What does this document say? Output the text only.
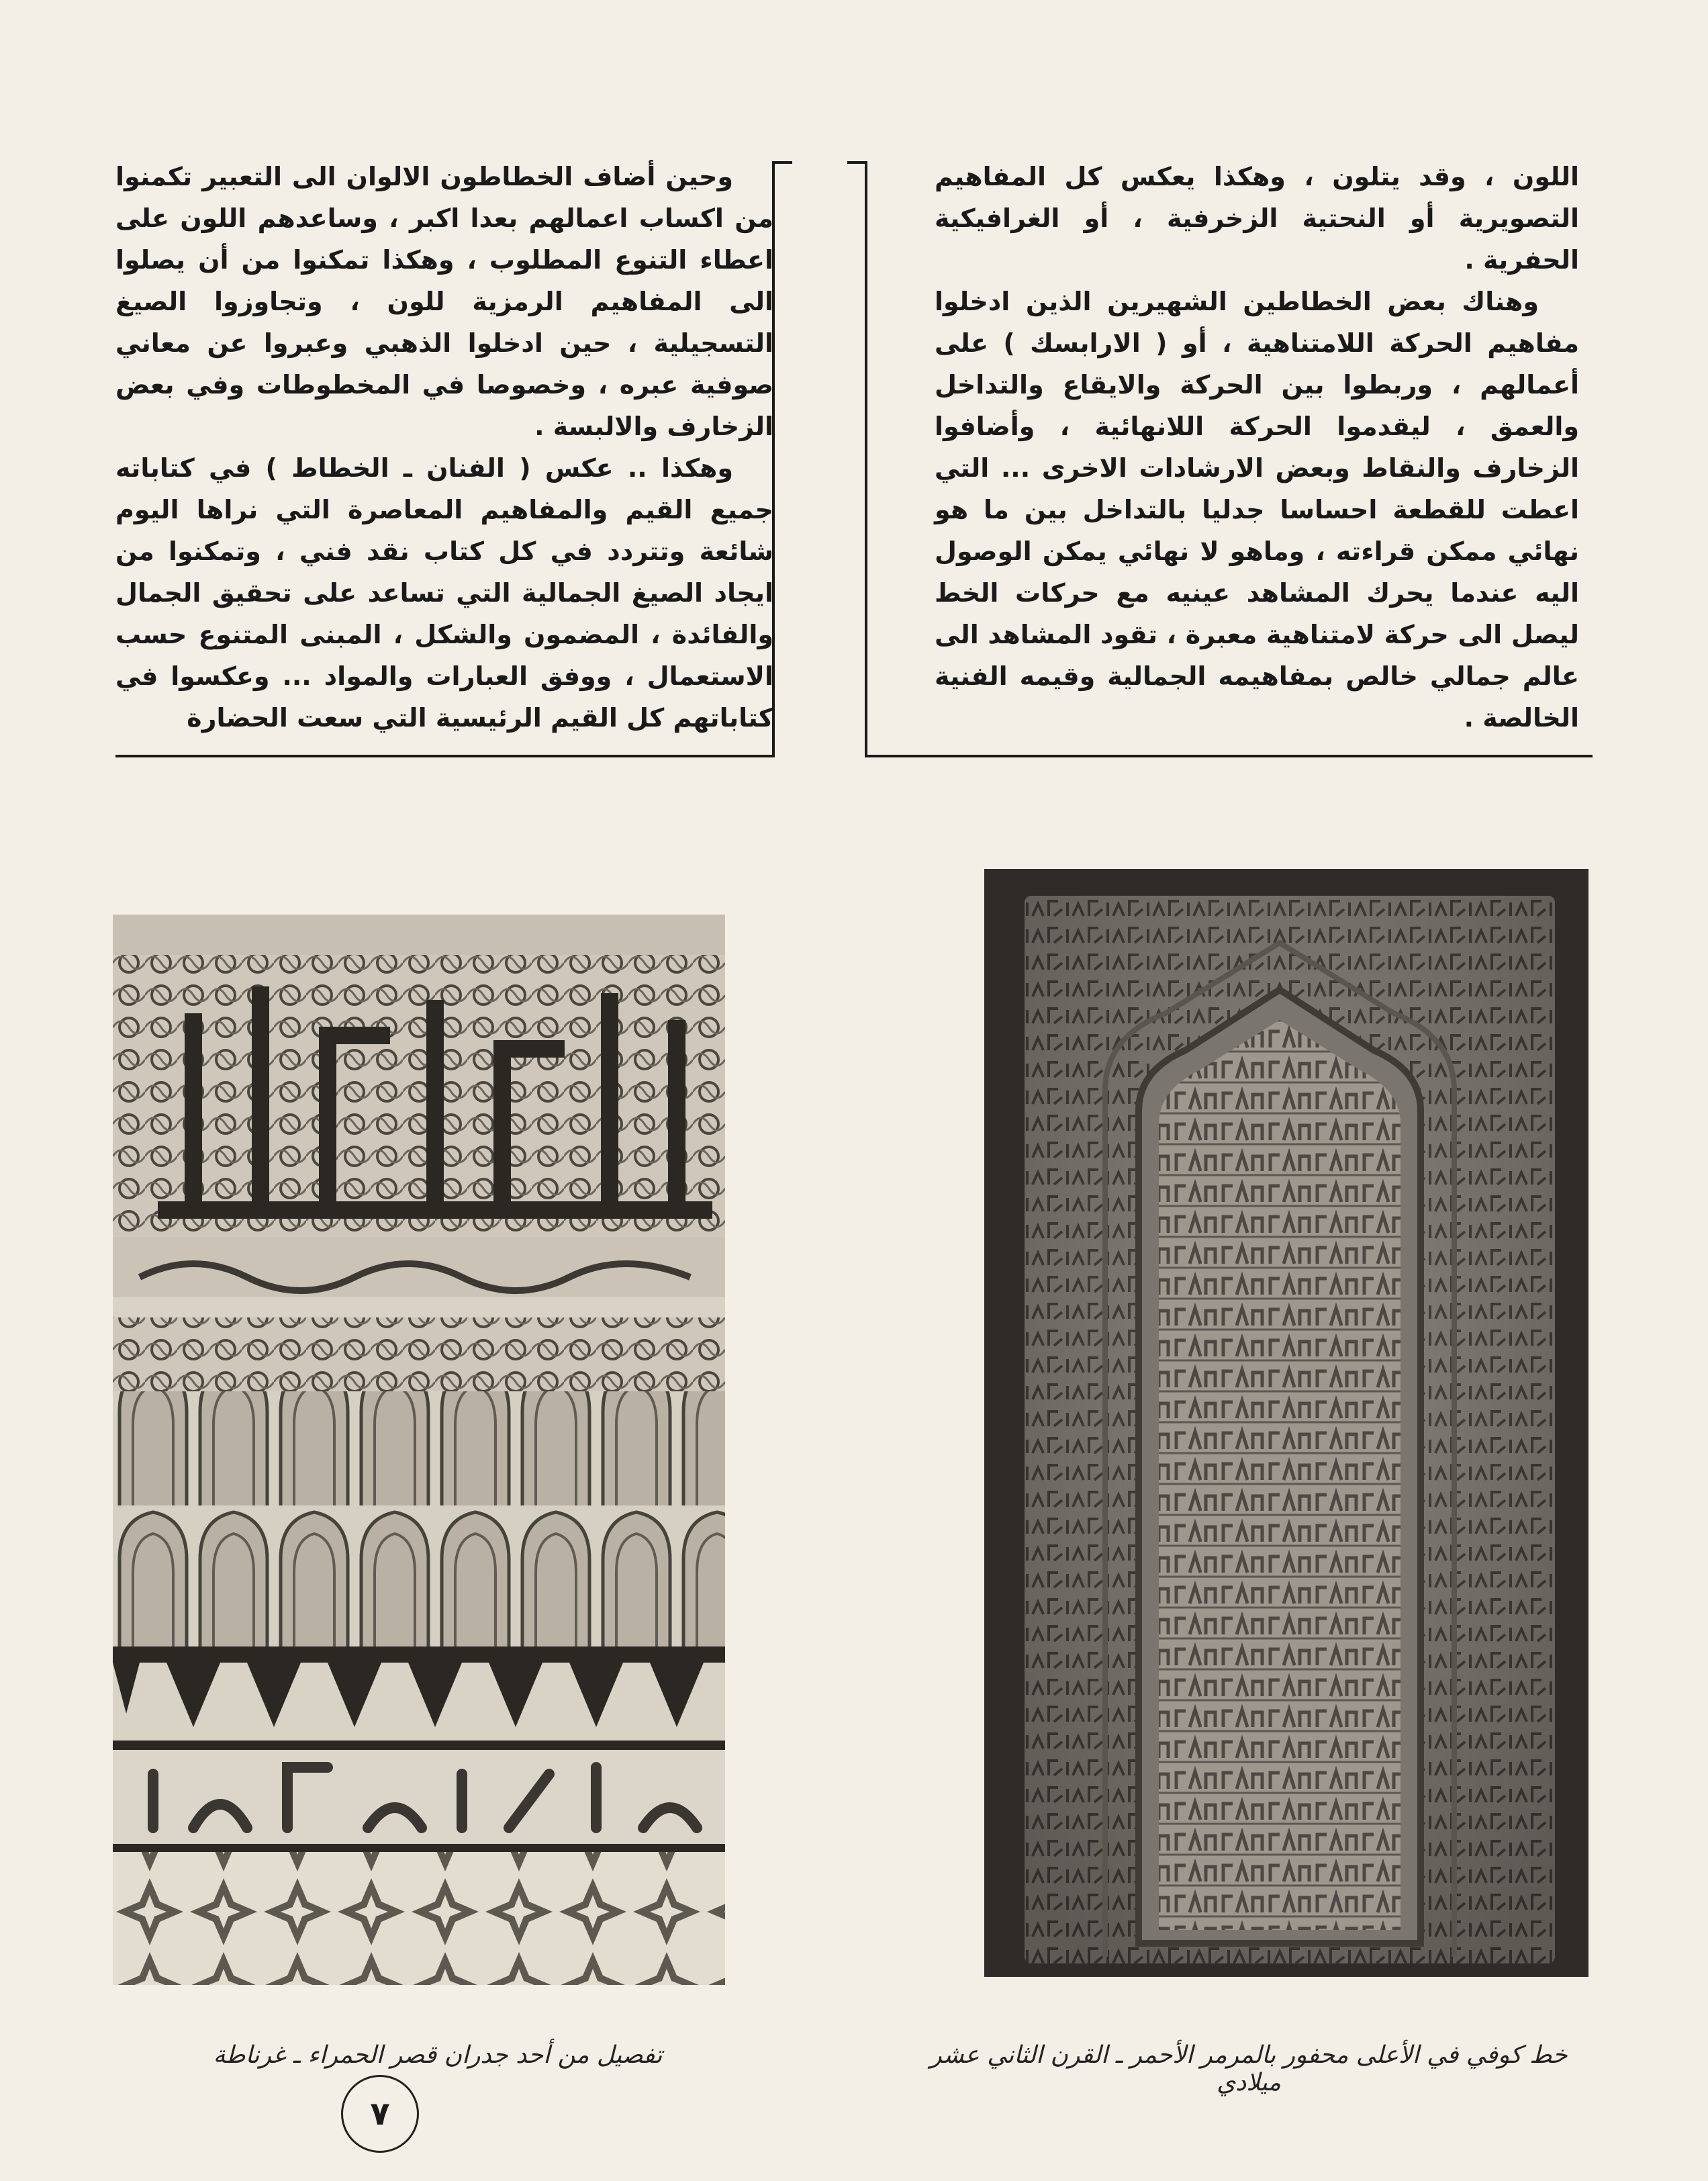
اللون ، وقد يتلون ، وهكذا يعكس كل المفاهيم التصويرية أو النحتية الزخرفية ، أو الغرافيكية الحفرية .

وهناك بعض الخطاطين الشهيرين الذين ادخلوا مفاهيم الحركة اللامتناهية ، أو ( الارابسك ) على أعمالهم ، وربطوا بين الحركة والايقاع والتداخل والعمق ، ليقدموا الحركة اللانهائية ، وأضافوا الزخارف والنقاط وبعض الارشادات الاخرى ... التي اعطت للقطعة احساسا جدليا بالتداخل بين ما هو نهائي ممكن قراءته ، وماهو لا نهائي يمكن الوصول اليه عندما يحرك المشاهد عينيه مع حركات الخط ليصل الى حركة لامتناهية معبرة ، تقود المشاهد الى عالم جمالي خالص بمفاهيمه الجمالية وقيمه الفنية الخالصة .

وحين أضاف الخطاطون الالوان الى التعبير تكمنوا من اكساب اعمالهم بعدا اكبر ، وساعدهم اللون على اعطاء التنوع المطلوب ، وهكذا تمكنوا من أن يصلوا الى المفاهيم الرمزية للون ، وتجاوزوا الصيغ التسجيلية ، حين ادخلوا الذهبي وعبروا عن معاني صوفية عبره ، وخصوصا في المخطوطات وفي بعض الزخارف والالبسة .

وهكذا .. عكس ( الفنان ـ الخطاط ) في كتاباته جميع القيم والمفاهيم المعاصرة التي نراها اليوم شائعة وتتردد في كل كتاب نقد فني ، وتمكنوا من ايجاد الصيغ الجمالية التي تساعد على تحقيق الجمال والفائدة ، المضمون والشكل ، المبنى المتنوع حسب الاستعمال ، ووفق العبارات والمواد ... وعكسوا في كتاباتهم كل القيم الرئيسية التي سعت الحضارة

خط كوفي في الأعلى محفور بالمرمر الأحمر ـ القرن الثاني عشر ميلادي
تفصيل من أحد جدران قصر الحمراء ـ غرناطة
٧
